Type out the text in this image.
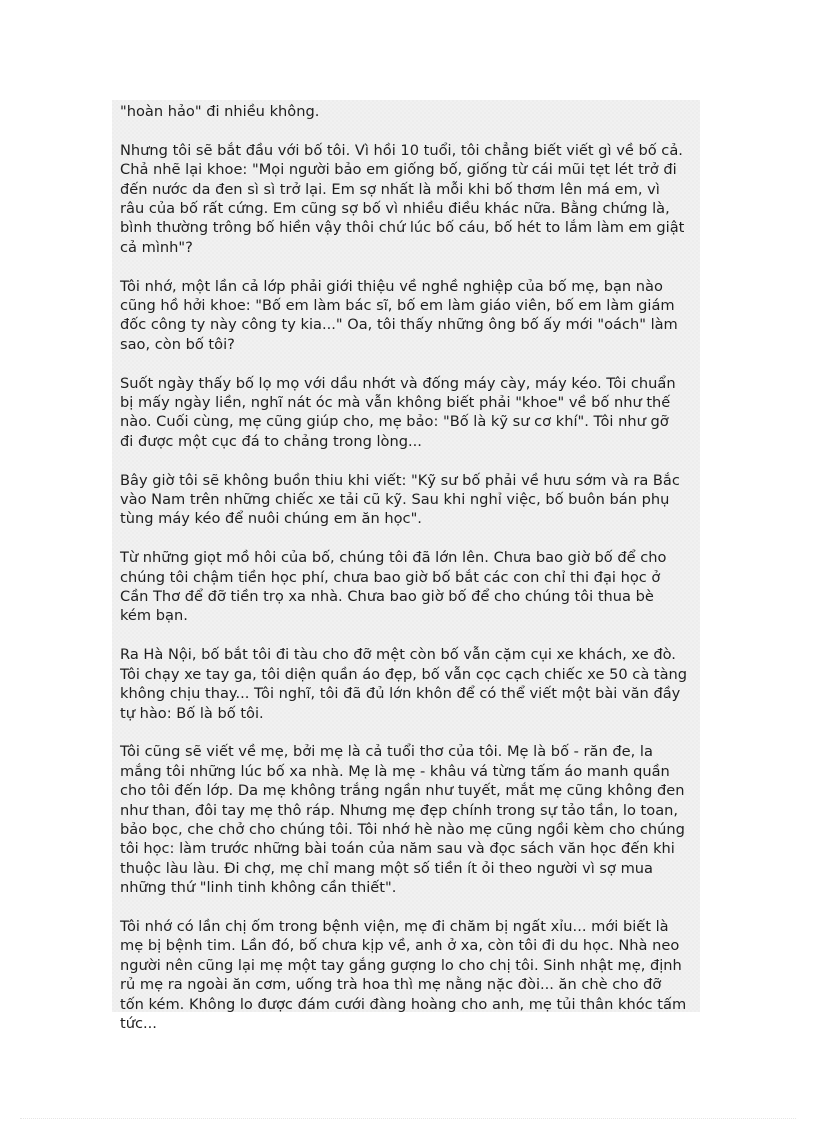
"hoàn hảo" đi nhiều không.

Nhưng tôi sẽ bắt đầu với bố tôi. Vì hồi 10 tuổi, tôi chẳng biết viết gì về bố cả.
Chả nhẽ lại khoe: "Mọi người bảo em giống bố, giống từ cái mũi tẹt lét trở đi
đến nước da đen sì sì trở lại. Em sợ nhất là mỗi khi bố thơm lên má em, vì
râu của bố rất cứng. Em cũng sợ bố vì nhiều điều khác nữa. Bằng chứng là,
bình thường trông bố hiền vậy thôi chứ lúc bố cáu, bố hét to lắm làm em giật
cả mình"?

Tôi nhớ, một lần cả lớp phải giới thiệu về nghề nghiệp của bố mẹ, bạn nào
cũng hồ hởi khoe: "Bố em làm bác sĩ, bố em làm giáo viên, bố em làm giám
đốc công ty này công ty kia..." Oa, tôi thấy những ông bố ấy mới "oách" làm
sao, còn bố tôi?

Suốt ngày thấy bố lọ mọ với dầu nhớt và đống máy cày, máy kéo. Tôi chuẩn
bị mấy ngày liền, nghĩ nát óc mà vẫn không biết phải "khoe" về bố như thế
nào. Cuối cùng, mẹ cũng giúp cho, mẹ bảo: "Bố là kỹ sư cơ khí". Tôi như gỡ
đi được một cục đá to chảng trong lòng...

Bây giờ tôi sẽ không buồn thiu khi viết: "Kỹ sư bố phải về hưu sớm và ra Bắc
vào Nam trên những chiếc xe tải cũ kỹ. Sau khi nghỉ việc, bố buôn bán phụ
tùng máy kéo để nuôi chúng em ăn học".

Từ những giọt mồ hôi của bố, chúng tôi đã lớn lên. Chưa bao giờ bố để cho
chúng tôi chậm tiền học phí, chưa bao giờ bố bắt các con chỉ thi đại học ở
Cần Thơ để đỡ tiền trọ xa nhà. Chưa bao giờ bố để cho chúng tôi thua bè
kém bạn.

Ra Hà Nội, bố bắt tôi đi tàu cho đỡ mệt còn bố vẫn cặm cụi xe khách, xe đò.
Tôi chạy xe tay ga, tôi diện quần áo đẹp, bố vẫn cọc cạch chiếc xe 50 cà tàng
không chịu thay... Tôi nghĩ, tôi đã đủ lớn khôn để có thể viết một bài văn đầy
tự hào: Bố là bố tôi.

Tôi cũng sẽ viết về mẹ, bởi mẹ là cả tuổi thơ của tôi. Mẹ là bố - răn đe, la
mắng tôi những lúc bố xa nhà. Mẹ là mẹ - khâu vá từng tấm áo manh quần
cho tôi đến lớp. Da mẹ không trắng ngần như tuyết, mắt mẹ cũng không đen
như than, đôi tay mẹ thô ráp. Nhưng mẹ đẹp chính trong sự tảo tần, lo toan,
bảo bọc, che chở cho chúng tôi. Tôi nhớ hè nào mẹ cũng ngồi kèm cho chúng
tôi học: làm trước những bài toán của năm sau và đọc sách văn học đến khi
thuộc làu làu. Đi chợ, mẹ chỉ mang một số tiền ít ỏi theo người vì sợ mua
những thứ "linh tinh không cần thiết".

Tôi nhớ có lần chị ốm trong bệnh viện, mẹ đi chăm bị ngất xỉu... mới biết là
mẹ bị bệnh tim. Lần đó, bố chưa kịp về, anh ở xa, còn tôi đi du học. Nhà neo
người nên cũng lại mẹ một tay gắng gượng lo cho chị tôi. Sinh nhật mẹ, định
rủ mẹ ra ngoài ăn cơm, uống trà hoa thì mẹ nằng nặc đòi... ăn chè cho đỡ
tốn kém. Không lo được đám cưới đàng hoàng cho anh, mẹ tủi thân khóc tấm
tức...
